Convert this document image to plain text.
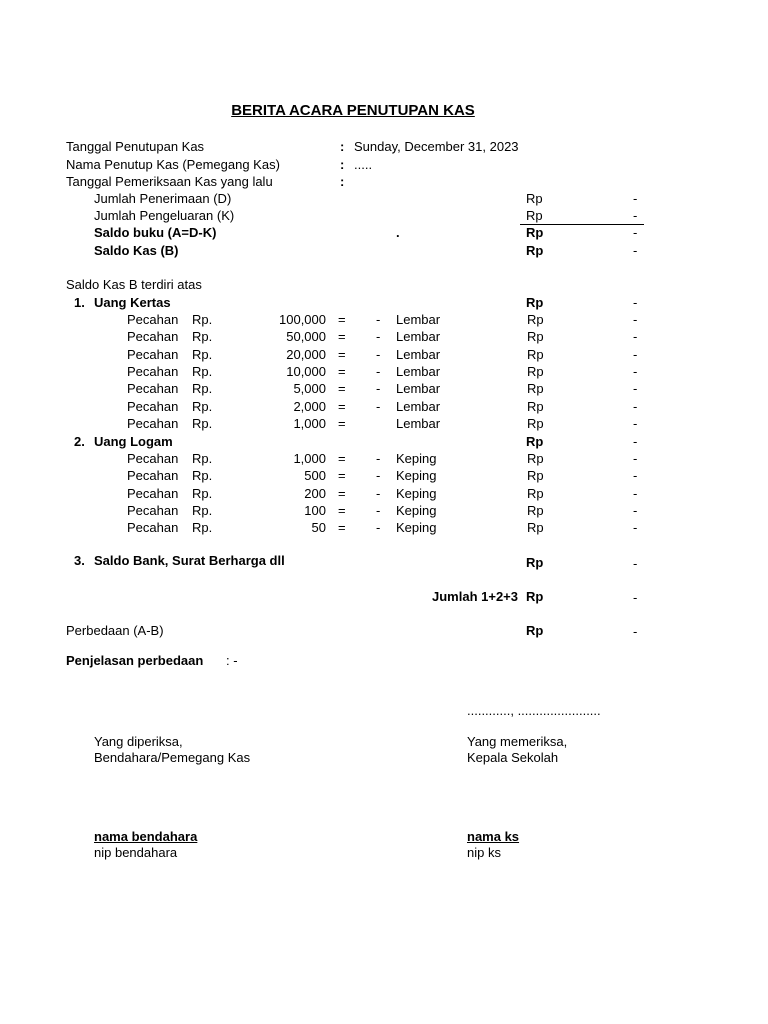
BERITA ACARA PENUTUPAN KAS
Tanggal Penutupan Kas	: Sunday, December 31, 2023
Nama Penutup Kas (Pemegang Kas)	: .....
Tanggal Pemeriksaan Kas yang lalu	:
Jumlah Penerimaan (D)	Rp	-
Jumlah Pengeluaran (K)	Rp	-
Saldo buku (A=D-K)	.	Rp	-
Saldo Kas (B)	Rp	-
Saldo Kas B terdiri atas
1. Uang Kertas	Rp	-
Pecahan Rp.	100,000 = - Lembar	Rp	-
Pecahan Rp.	50,000 = - Lembar	Rp	-
Pecahan Rp.	20,000 = - Lembar	Rp	-
Pecahan Rp.	10,000 = - Lembar	Rp	-
Pecahan Rp.	5,000 = - Lembar	Rp	-
Pecahan Rp.	2,000 = - Lembar	Rp	-
Pecahan Rp.	1,000 =	Lembar	Rp	-
2. Uang Logam	Rp	-
Pecahan Rp.	1,000 = - Keping	Rp	-
Pecahan Rp.	500 = - Keping	Rp	-
Pecahan Rp.	200 = - Keping	Rp	-
Pecahan Rp.	100 = - Keping	Rp	-
Pecahan Rp.	50 = - Keping	Rp	-
3. Saldo Bank, Surat Berharga dll	Rp	-
Jumlah 1+2+3 Rp	-
Perbedaan (A-B)	Rp	-
Penjelasan perbedaan : -
............, .......................
Yang diperiksa,
Bendahara/Pemegang Kas
nama bendahara
nip bendahara
Yang memeriksa,
Kepala Sekolah
nama ks
nip ks
